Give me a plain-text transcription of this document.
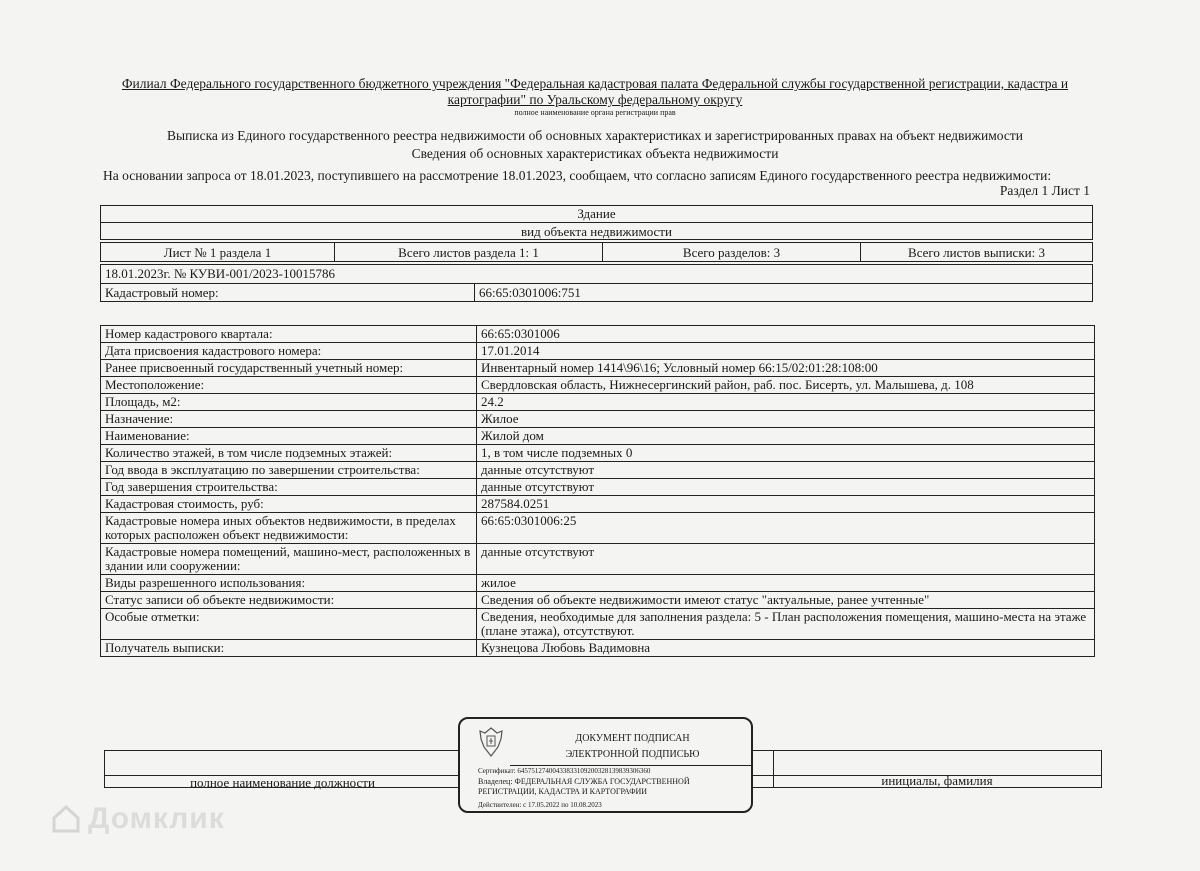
Филиал Федерального государственного бюджетного учреждения "Федеральная кадастровая палата Федеральной службы государственной регистрации, кадастра и картографии" по Уральскому федеральному округу
полное наименование органа регистрации прав
Выписка из Единого государственного реестра недвижимости об основных характеристиках и зарегистрированных правах на объект недвижимости
Сведения об основных характеристиках объекта недвижимости
На основании запроса от 18.01.2023, поступившего на рассмотрение 18.01.2023, сообщаем, что согласно записям Единого государственного реестра недвижимости:
Раздел 1 Лист 1
Здание
вид объекта недвижимости
Лист № 1 раздела 1	Всего листов раздела 1: 1	Всего разделов: 3	Всего листов выписки: 3
18.01.2023г. № КУВИ-001/2023-10015786
Кадастровый номер:	66:65:0301006:751
Номер кадастрового квартала:	66:65:0301006
Дата присвоения кадастрового номера:	17.01.2014
Ранее присвоенный государственный учетный номер:	Инвентарный номер 1414\96\16; Условный номер 66:15/02:01:28:108:00
Местоположение:	Свердловская область, Нижнесергинский район, раб. пос. Бисерть, ул. Малышева, д. 108
Площадь, м2:	24.2
Назначение:	Жилое
Наименование:	Жилой дом
Количество этажей, в том числе подземных этажей:	1, в том числе подземных 0
Год ввода в эксплуатацию по завершении строительства:	данные отсутствуют
Год завершения строительства:	данные отсутствуют
Кадастровая стоимость, руб:	287584.0251
Кадастровые номера иных объектов недвижимости, в пределах которых расположен объект недвижимости:	66:65:0301006:25
Кадастровые номера помещений, машино-мест, расположенных в здании или сооружении:	данные отсутствуют
Виды разрешенного использования:	жилое
Статус записи об объекте недвижимости:	Сведения об объекте недвижимости имеют статус "актуальные, ранее учтенные"
Особые отметки:	Сведения, необходимые для заполнения раздела: 5 - План расположения помещения, машино-места на этаже (плане этажа), отсутствуют.
Получатель выписки:	Кузнецова Любовь Вадимовна
полное наименование должности	инициалы, фамилия
ДОКУМЕНТ ПОДПИСАН
ЭЛЕКТРОННОЙ ПОДПИСЬЮ
Сертификат: 64575127400433833109200328139839306360
Владелец: ФЕДЕРАЛЬНАЯ СЛУЖБА ГОСУДАРСТВЕННОЙ РЕГИСТРАЦИИ, КАДАСТРА И КАРТОГРАФИИ
Действителен: с 17.05.2022 по 10.08.2023
Домклик
